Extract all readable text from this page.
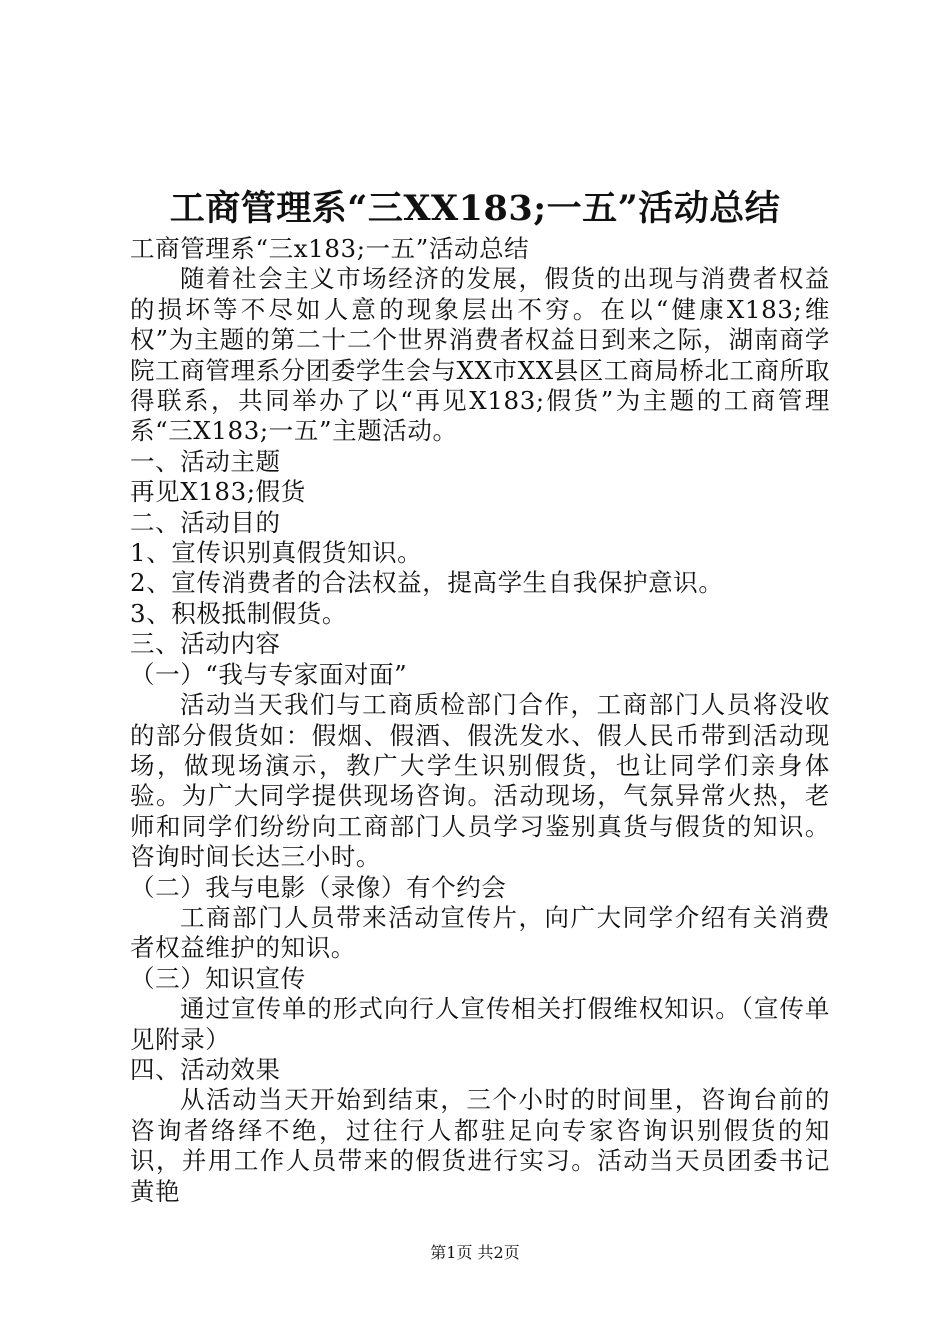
工商管理系“三XX183;一五”活动总结

工商管理系“三x183;一五”活动总结

随着社会主义市场经济的发展，假货的出现与消费者权益的损坏等不尽如人意的现象层出不穷。在以“健康X183;维权”为主题的第二十二个世界消费者权益日到来之际，湖南商学院工商管理系分团委学生会与XX市XX县区工商局桥北工商所取得联系，共同举办了以“再见X183;假货”为主题的工商管理系“三X183;一五”主题活动。

一、活动主题

再见X183;假货

二、活动目的

1、宣传识别真假货知识。

2、宣传消费者的合法权益，提高学生自我保护意识。

3、积极抵制假货。

三、活动内容

（一）“我与专家面对面”

活动当天我们与工商质检部门合作，工商部门人员将没收的部分假货如：假烟、假酒、假洗发水、假人民币带到活动现场，做现场演示，教广大学生识别假货，也让同学们亲身体验。为广大同学提供现场咨询。活动现场，气氛异常火热，老师和同学们纷纷向工商部门人员学习鉴别真货与假货的知识。咨询时间长达三小时。

（二）我与电影（录像）有个约会

工商部门人员带来活动宣传片，向广大同学介绍有关消费者权益维护的知识。

（三）知识宣传

通过宣传单的形式向行人宣传相关打假维权知识。（宣传单见附录）

四、活动效果

从活动当天开始到结束，三个小时的时间里，咨询台前的咨询者络绎不绝，过往行人都驻足向专家咨询识别假货的知识，并用工作人员带来的假货进行实习。活动当天员团委书记黄艳

第1页 共2页
